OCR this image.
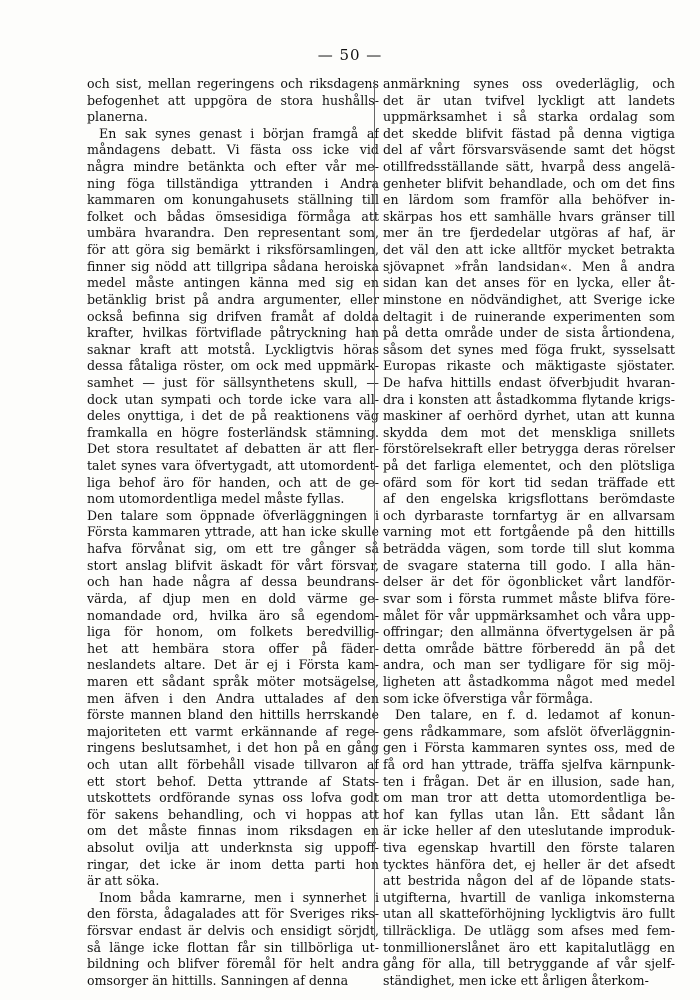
— 50 —
och sist, mellan regeringens och riksdagens
befogenhet att uppgöra de stora hushålls-
planerna.
En sak synes genast i början framgå af
måndagens debatt. Vi fästa oss icke vid
några mindre betänkta och efter vår me-
ning föga tillständiga yttranden i Andra
kammaren om konungahusets ställning till
folket och bådas ömsesidiga förmåga att
umbära hvarandra. Den representant som,
för att göra sig bemärkt i riksförsamlingen,
finner sig nödd att tillgripa sådana heroiska
medel måste antingen känna med sig en
betänklig brist på andra argumenter, eller
också befinna sig drifven framåt af dolda
krafter, hvilkas förtviflade påtryckning han
saknar kraft att motstå. Lyckligtvis höras
dessa fåtaliga röster, om ock med uppmärk-
samhet — just för sällsynthetens skull, —
dock utan sympati och torde icke vara all-
deles onyttiga, i det de på reaktionens väg
framkalla en högre fosterländsk stämning.
Det stora resultatet af debatten är att fler-
talet synes vara öfvertygadt, att utomordent-
liga behof äro för handen, och att de ge-
nom utomordentliga medel måste fyllas.
Den talare som öppnade öfverläggningen i
Första kammaren yttrade, att han icke skulle
hafva förvånat sig, om ett tre gånger så
stort anslag blifvit äskadt för vårt försvar,
och han hade några af dessa beundrans-
värda, af djup men en dold värme ge-
nomandade ord, hvilka äro så egendom-
liga för honom, om folkets beredvillig-
het att hembära stora offer på fäder-
neslandets altare. Det är ej i Första kam-
maren ett sådant språk möter motsägelse,
men äfven i den Andra uttalades af den
förste mannen bland den hittills herrskande
majoriteten ett varmt erkännande af rege-
ringens beslutsamhet, i det hon på en gång
och utan allt förbehåll visade tillvaron af
ett stort behof. Detta yttrande af Stats-
utskottets ordförande synas oss lofva godt
för sakens behandling, och vi hoppas att
om det måste finnas inom riksdagen en
absolut ovilja att underknsta sig uppoff-
ringar, det icke är inom detta parti hon
är att söka.
Inom båda kamrarne, men i synnerhet i
den första, ådagalades att för Sveriges riks-
försvar endast är delvis och ensidigt sörjdt,
så länge icke flottan får sin tillbörliga ut-
bildning och blifver föremål för helt andra
omsorger än hittills. Sanningen af denna
anmärkning synes oss ovederläglig, och
det är utan tvifvel lyckligt att landets
uppmärksamhet i så starka ordalag som
det skedde blifvit fästad på denna vigtiga
del af vårt försvarsväsende samt det högst
otillfredsställande sätt, hvarpå dess angelä-
genheter blifvit behandlade, och om det fins
en lärdom som framför alla behöfver in-
skärpas hos ett samhälle hvars gränser till
mer än tre fjerdedelar utgöras af haf, är
det väl den att icke alltför mycket betrakta
sjövapnet »från landsidan«. Men å andra
sidan kan det anses för en lycka, eller åt-
minstone en nödvändighet, att Sverige icke
deltagit i de ruinerande experimenten som
på detta område under de sista årtiondena,
såsom det synes med föga frukt, sysselsatt
Europas rikaste och mäktigaste sjöstater.
De hafva hittills endast öfverbjudit hvaran-
dra i konsten att åstadkomma flytande krigs-
maskiner af oerhörd dyrhet, utan att kunna
skydda dem mot det menskliga snillets
förstörelsekraft eller betrygga deras rörelser
på det farliga elementet, och den plötsliga
ofärd som för kort tid sedan träffade ett
af den engelska krigsflottans berömdaste
och dyrbaraste tornfartyg är en allvarsam
varning mot ett fortgående på den hittills
beträdda vägen, som torde till slut komma
de svagare staterna till godo. I alla hän-
delser är det för ögonblicket vårt landför-
svar som i första rummet måste blifva före-
målet för vår uppmärksamhet och våra upp-
offringar; den allmänna öfvertygelsen är på
detta område bättre förberedd än på det
andra, och man ser tydligare för sig möj-
ligheten att åstadkomma något med medel
som icke öfverstiga vår förmåga.
Den talare, en f. d. ledamot af konun-
gens rådkammare, som afslöt öfverläggnin-
gen i Första kammaren syntes oss, med de
få ord han yttrade, träffa sjelfva kärnpunk-
ten i frågan. Det är en illusion, sade han,
om man tror att detta utomordentliga be-
hof kan fyllas utan lån. Ett sådant lån
är icke heller af den uteslutande improduk-
tiva egenskap hvartill den förste talaren
tycktes hänföra det, ej heller är det afsedt
att bestrida någon del af de löpande stats-
utgifterna, hvartill de vanliga inkomsterna
utan all skatteförhöjning lyckligtvis äro fullt
tillräckliga. De utlägg som afses med fem-
tonmillionerslånet äro ett kapitalutlägg en
gång för alla, till betryggande af vår sjelf-
ständighet, men icke ett årligen återkom-
